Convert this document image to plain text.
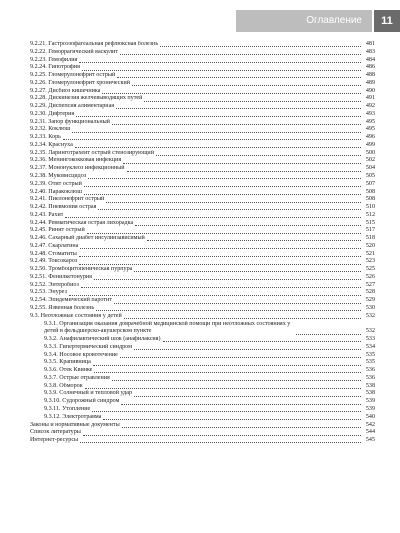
Оглавление	11
9.2.21. Гастроэзофагеальная рефлюксная болезнь	481
9.2.22. Геморрагический васкулит	483
9.2.23. Гемофилия	484
9.2.24. Гипотрофия	486
9.2.25. Гломерулонефрит острый	488
9.2.26. Гломерулонефрит хронический	489
9.2.27. Дисбиоз кишечника	490
9.2.28. Дискинезия желчевыводящих путей	491
9.2.29. Диспепсия алиментарная	492
9.2.30. Дифтерия	493
9.2.31. Запор функциональный	495
9.2.32. Коклюш	495
9.2.33. Корь	496
9.2.34. Краснуха	499
9.2.35. Ларинготрахеит острый стенозирующий	500
9.2.36. Менингококковая инфекция	502
9.2.37. Мононуклеоз инфекционный	504
9.2.38. Муковисцидоз	505
9.2.39. Отит острый	507
9.2.40. Паракоклюш	508
9.2.41. Пиелонефрит острый	508
9.2.42. Пневмония острая	510
9.2.43. Рахит	512
9.2.44. Ревматическая острая лихорадка	515
9.2.45. Ринит острый	517
9.2.46. Сахарный диабет инсулинзависимый	518
9.2.47. Скарлатина	520
9.2.48. Стоматиты	521
9.2.49. Токсокароз	523
9.2.50. Тромбоцитопеническая пурпура	525
9.2.51. Фенилкетонурия	526
9.2.52. Энтеробиоз	527
9.2.53. Энурез	528
9.2.54. Эпидемический паротит	529
9.2.55. Язвенная болезнь	530
9.3. Неотложные состояния у детей	532
9.3.1. Организация оказания доврачебной медицинской помощи при неотложных состояниях у детей в фельдшерско-акушерском пункте	532
9.3.2. Анафилактический шок (анафилаксия)	533
9.3.3. Гипертермический синдром	534
9.3.4. Носовое кровотечение	535
9.3.5. Крапивница	535
9.3.6. Отек Квинке	536
9.3.7. Острые отравления	536
9.3.8. Обморок	538
9.3.9. Солнечный и тепловой удар	538
9.3.10. Судорожный синдром	539
9.3.11. Утопление	539
9.3.12. Электротравма	540
Законы и нормативные документы	542
Список литературы	544
Интернет-ресурсы	545
